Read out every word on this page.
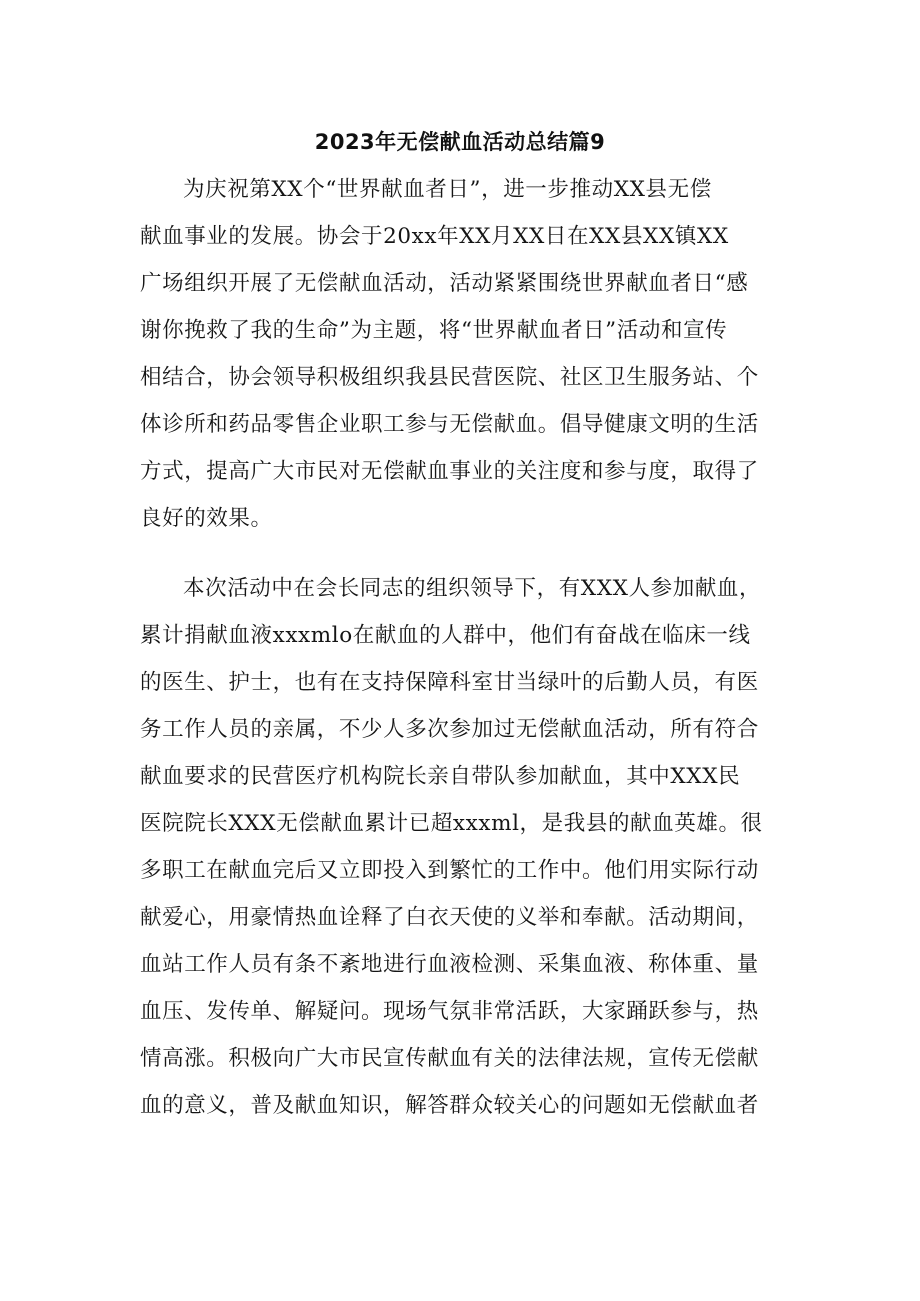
2023年无偿献血活动总结篇9
为庆祝第XX个“世界献血者日”，进一步推动XX县无偿
献血事业的发展。协会于20xx年XX月XX日在XX县XX镇XX
广场组织开展了无偿献血活动，活动紧紧围绕世界献血者日“感
谢你挽救了我的生命”为主题，将“世界献血者日”活动和宣传
相结合，协会领导积极组织我县民营医院、社区卫生服务站、个
体诊所和药品零售企业职工参与无偿献血。倡导健康文明的生活
方式，提高广大市民对无偿献血事业的关注度和参与度，取得了
良好的效果。
本次活动中在会长同志的组织领导下，有XXX人参加献血，
累计捐献血液xxxmlo在献血的人群中，他们有奋战在临床一线
的医生、护士，也有在支持保障科室甘当绿叶的后勤人员，有医
务工作人员的亲属，不少人多次参加过无偿献血活动，所有符合
献血要求的民营医疗机构院长亲自带队参加献血，其中XXX民
医院院长XXX无偿献血累计已超xxxml，是我县的献血英雄。很
多职工在献血完后又立即投入到繁忙的工作中。他们用实际行动
献爱心，用豪情热血诠释了白衣天使的义举和奉献。活动期间，
血站工作人员有条不紊地进行血液检测、采集血液、称体重、量
血压、发传单、解疑问。现场气氛非常活跃，大家踊跃参与，热
情高涨。积极向广大市民宣传献血有关的法律法规，宣传无偿献
血的意义，普及献血知识，解答群众较关心的问题如无偿献血者
